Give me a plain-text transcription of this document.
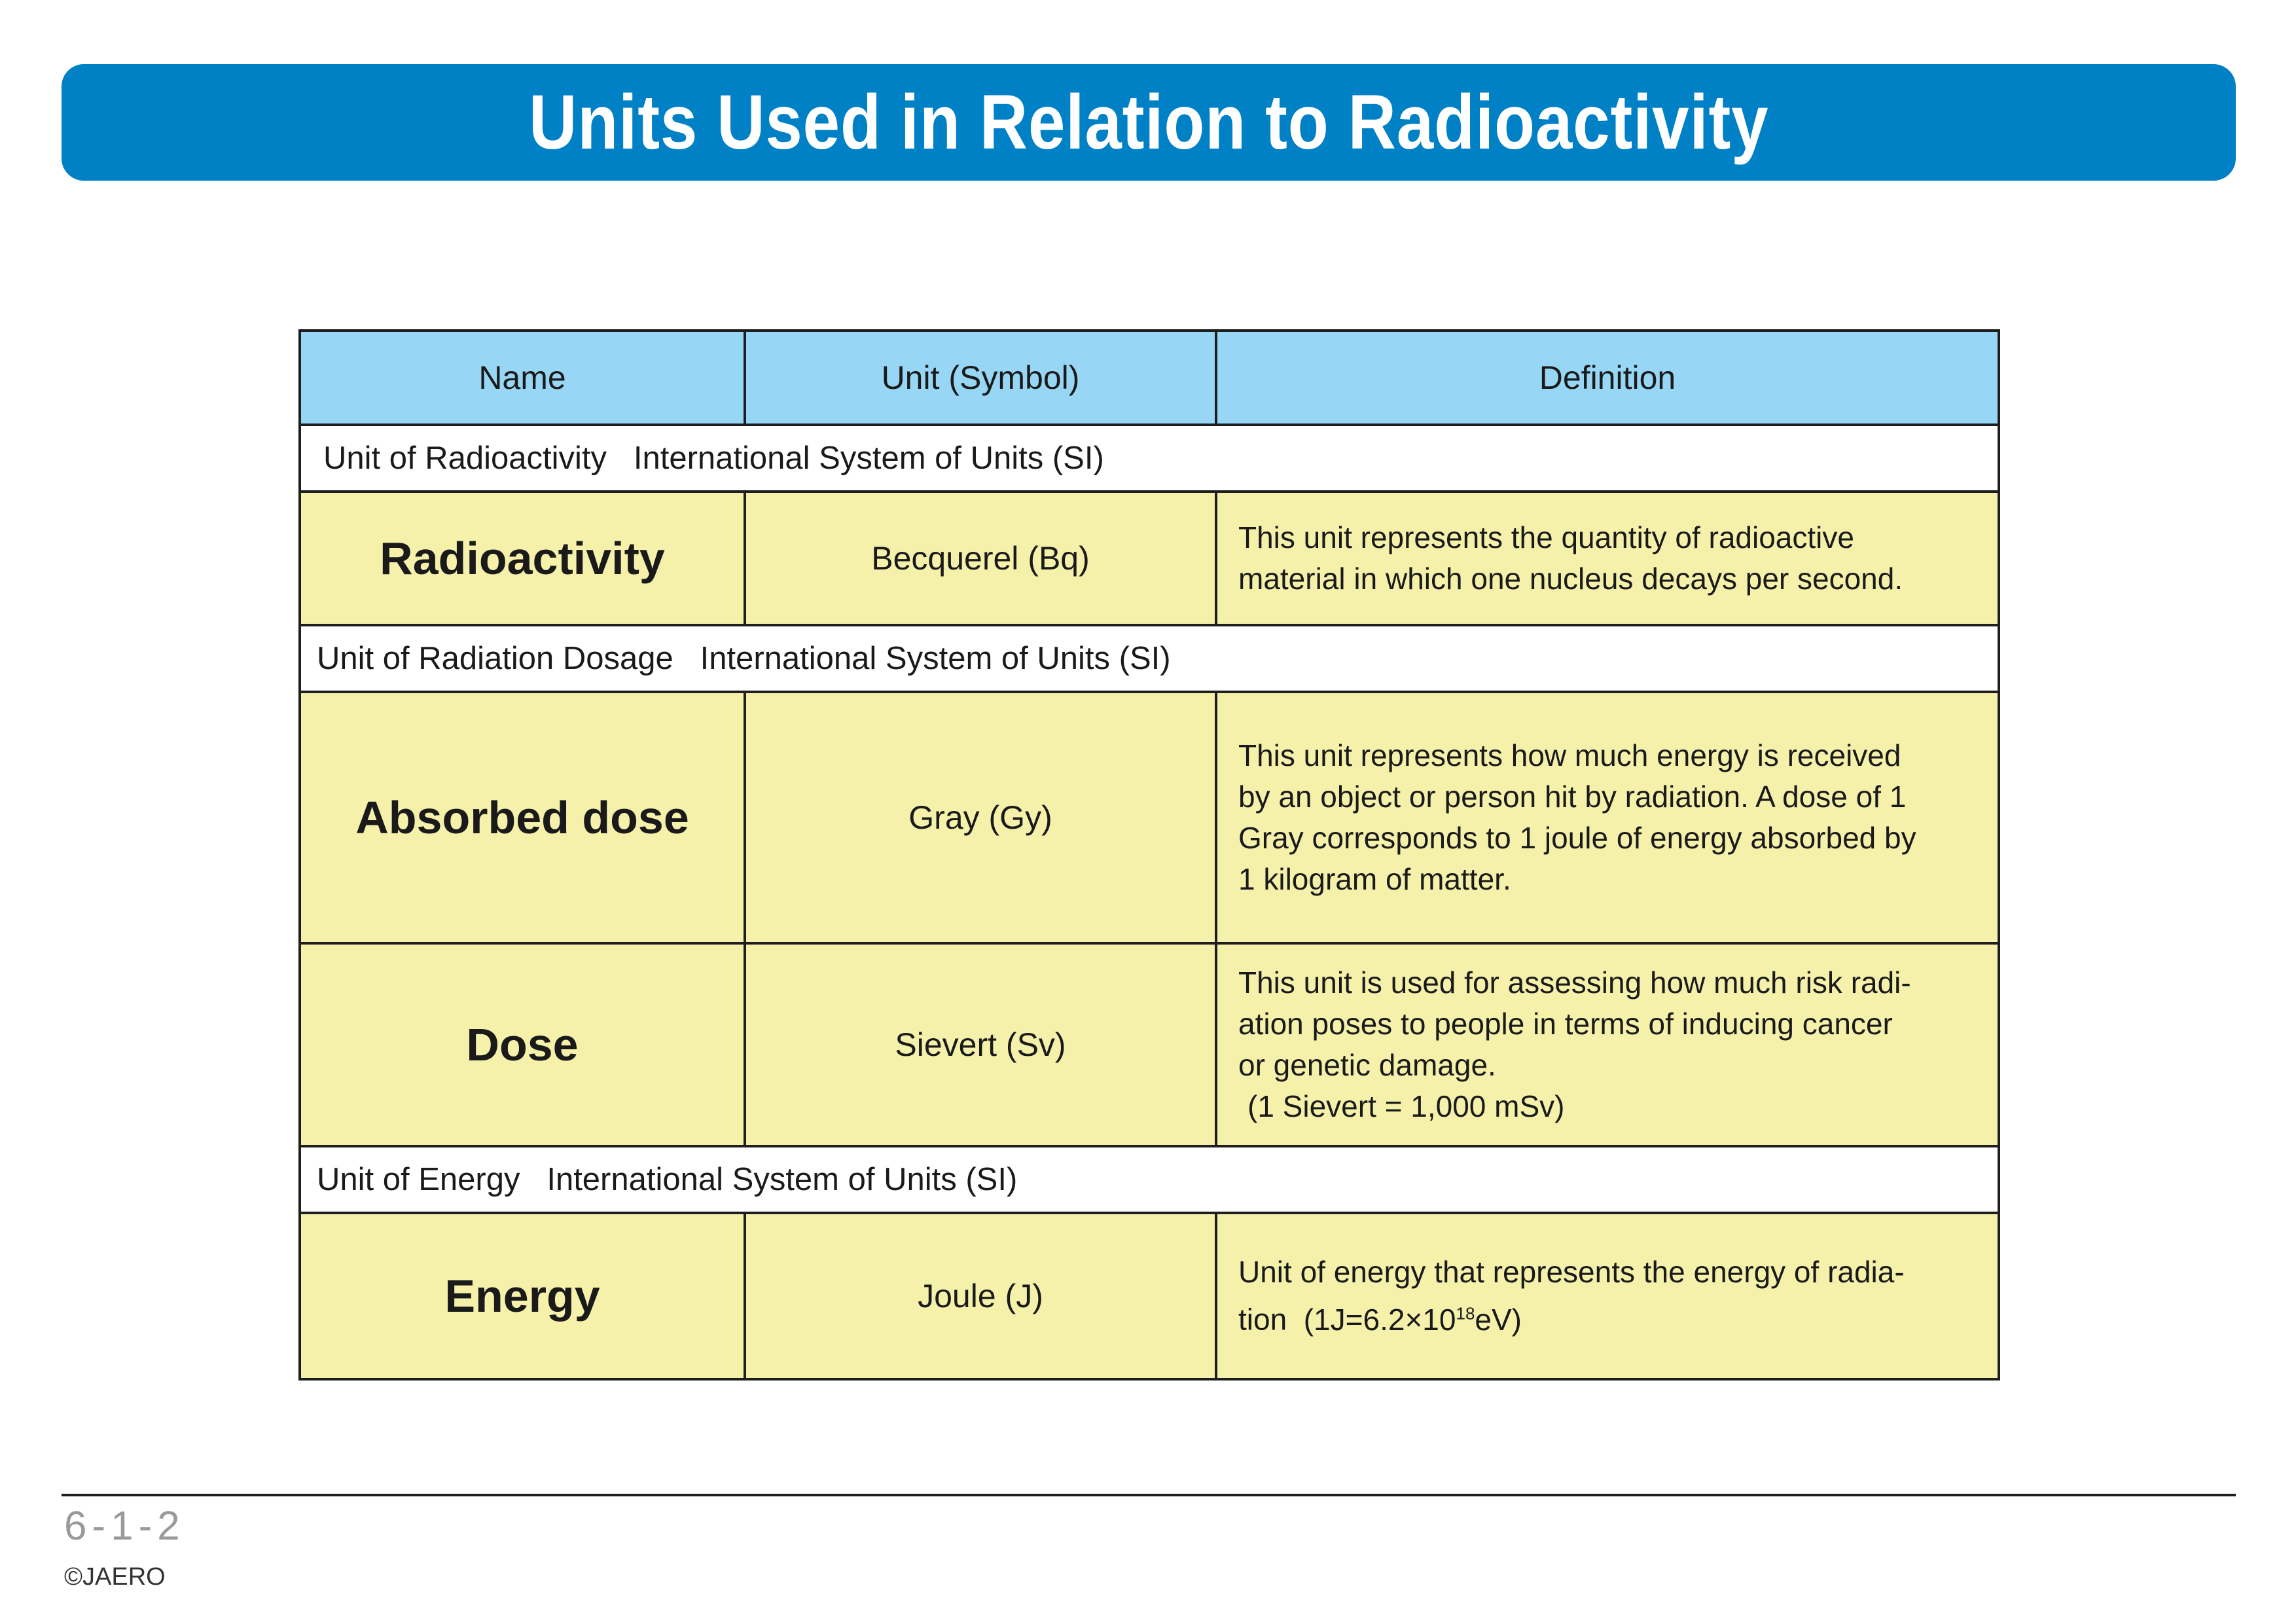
Units Used in Relation to Radioactivity
Name	Unit (Symbol)	Definition
Unit of Radioactivity   International System of Units (SI)		
Radioactivity	Becquerel (Bq)	This unit represents the quantity of radioactive
material in which one nucleus decays per second.

Unit of Radiation Dosage   International System of Units (SI)		
Absorbed dose	Gray (Gy)	This unit represents how much energy is received
by an object or person hit by radiation. A dose of 1
Gray corresponds to 1 joule of energy absorbed by
1 kilogram of matter.

Dose	Sievert (Sv)	This unit is used for assessing how much risk radi-
ation poses to people in terms of inducing cancer
or genetic damage.
(1 Sievert = 1,000 mSv)

Unit of Energy   International System of Units (SI)		
Energy	Joule (J)	Unit of energy that represents the energy of radia-
tion $(1J=6.2\times 10^{18}eV)$
6-1-2
©JAERO
